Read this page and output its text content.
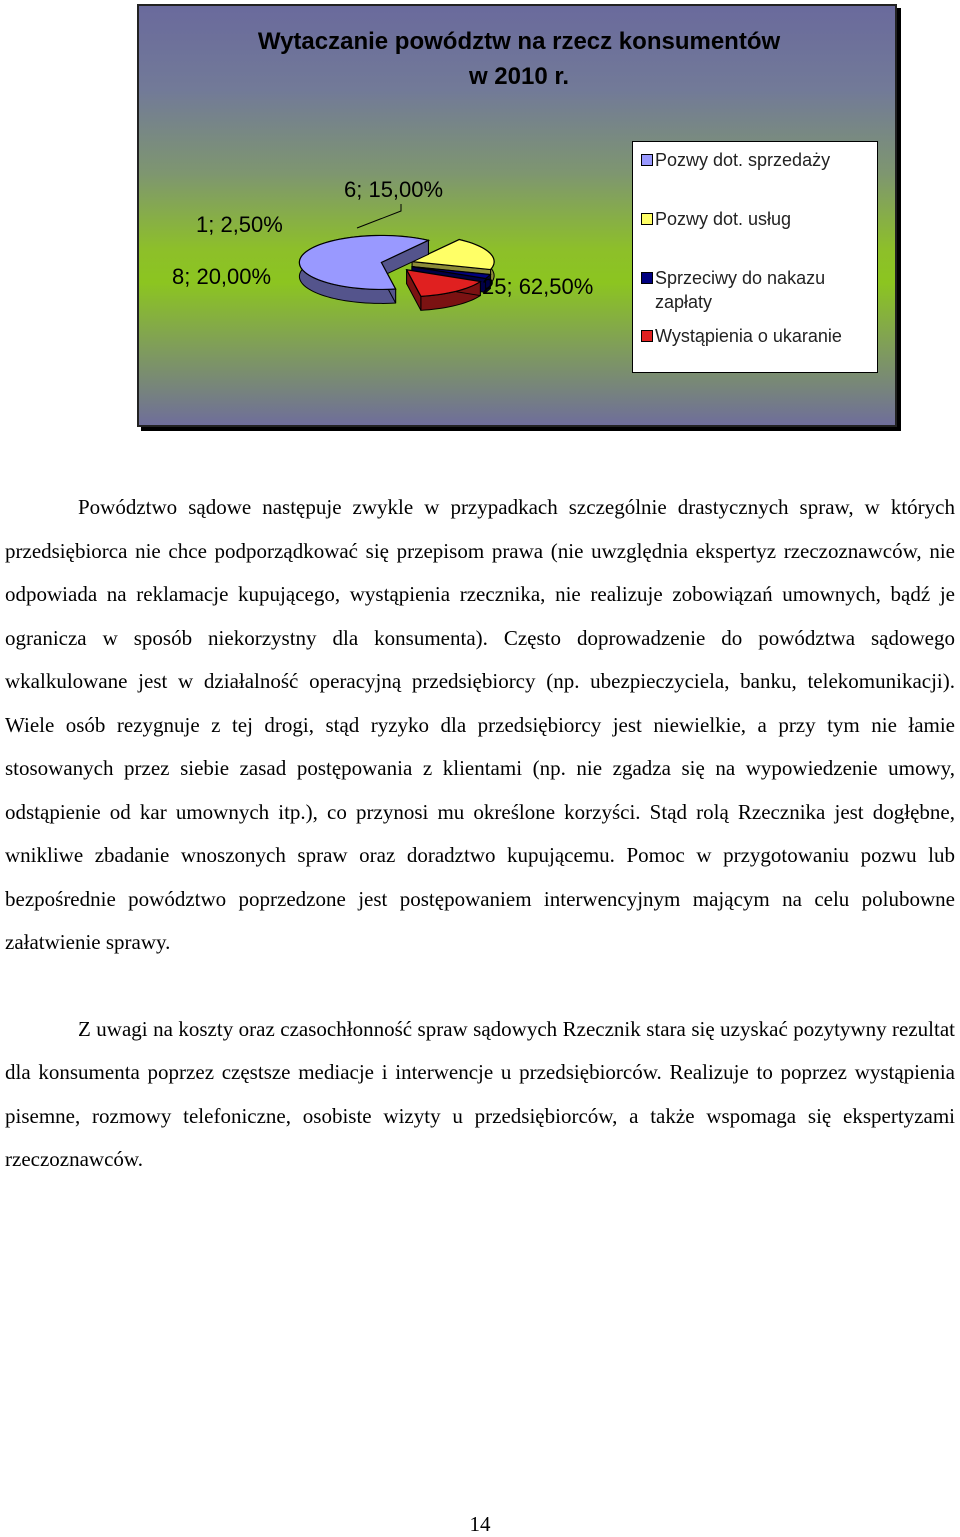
Wytaczanie powództw na rzecz konsumentów
w 2010 r.
25; 62,50%
8; 20,00%
1; 2,50%
6; 15,00%
Pozwy dot. sprzedaży
Pozwy dot. usług
Sprzeciwy do nakazu zapłaty
Wystąpienia o ukaranie

Powództwo sądowe następuje zwykle w przypadkach szczególnie drastycznych spraw, w których przedsiębiorca nie chce podporządkować się przepisom prawa (nie uwzględnia ekspertyz rzeczoznawców, nie odpowiada na reklamacje kupującego, wystąpienia rzecznika, nie realizuje zobowiązań umownych, bądź je ogranicza w sposób niekorzystny dla konsumenta). Często doprowadzenie do powództwa sądowego wkalkulowane jest w działalność operacyjną przedsiębiorcy (np. ubezpieczyciela, banku, telekomunikacji). Wiele osób rezygnuje z tej drogi, stąd ryzyko dla przedsiębiorcy jest niewielkie, a przy tym nie łamie stosowanych przez siebie zasad postępowania z klientami (np. nie zgadza się na wypowiedzenie umowy, odstąpienie od kar umownych itp.), co przynosi mu określone korzyści. Stąd rolą Rzecznika jest dogłębne, wnikliwe zbadanie wnoszonych spraw oraz doradztwo kupującemu. Pomoc w przygotowaniu pozwu lub bezpośrednie powództwo poprzedzone jest postępowaniem interwencyjnym mającym na celu polubowne załatwienie sprawy.

Z uwagi na koszty oraz czasochłonność spraw sądowych Rzecznik stara się uzyskać pozytywny rezultat dla konsumenta poprzez częstsze mediacje i interwencje u przedsiębiorców. Realizuje to poprzez wystąpienia pisemne, rozmowy telefoniczne, osobiste wizyty u przedsiębiorców, a także wspomaga się ekspertyzami rzeczoznawców.

14
